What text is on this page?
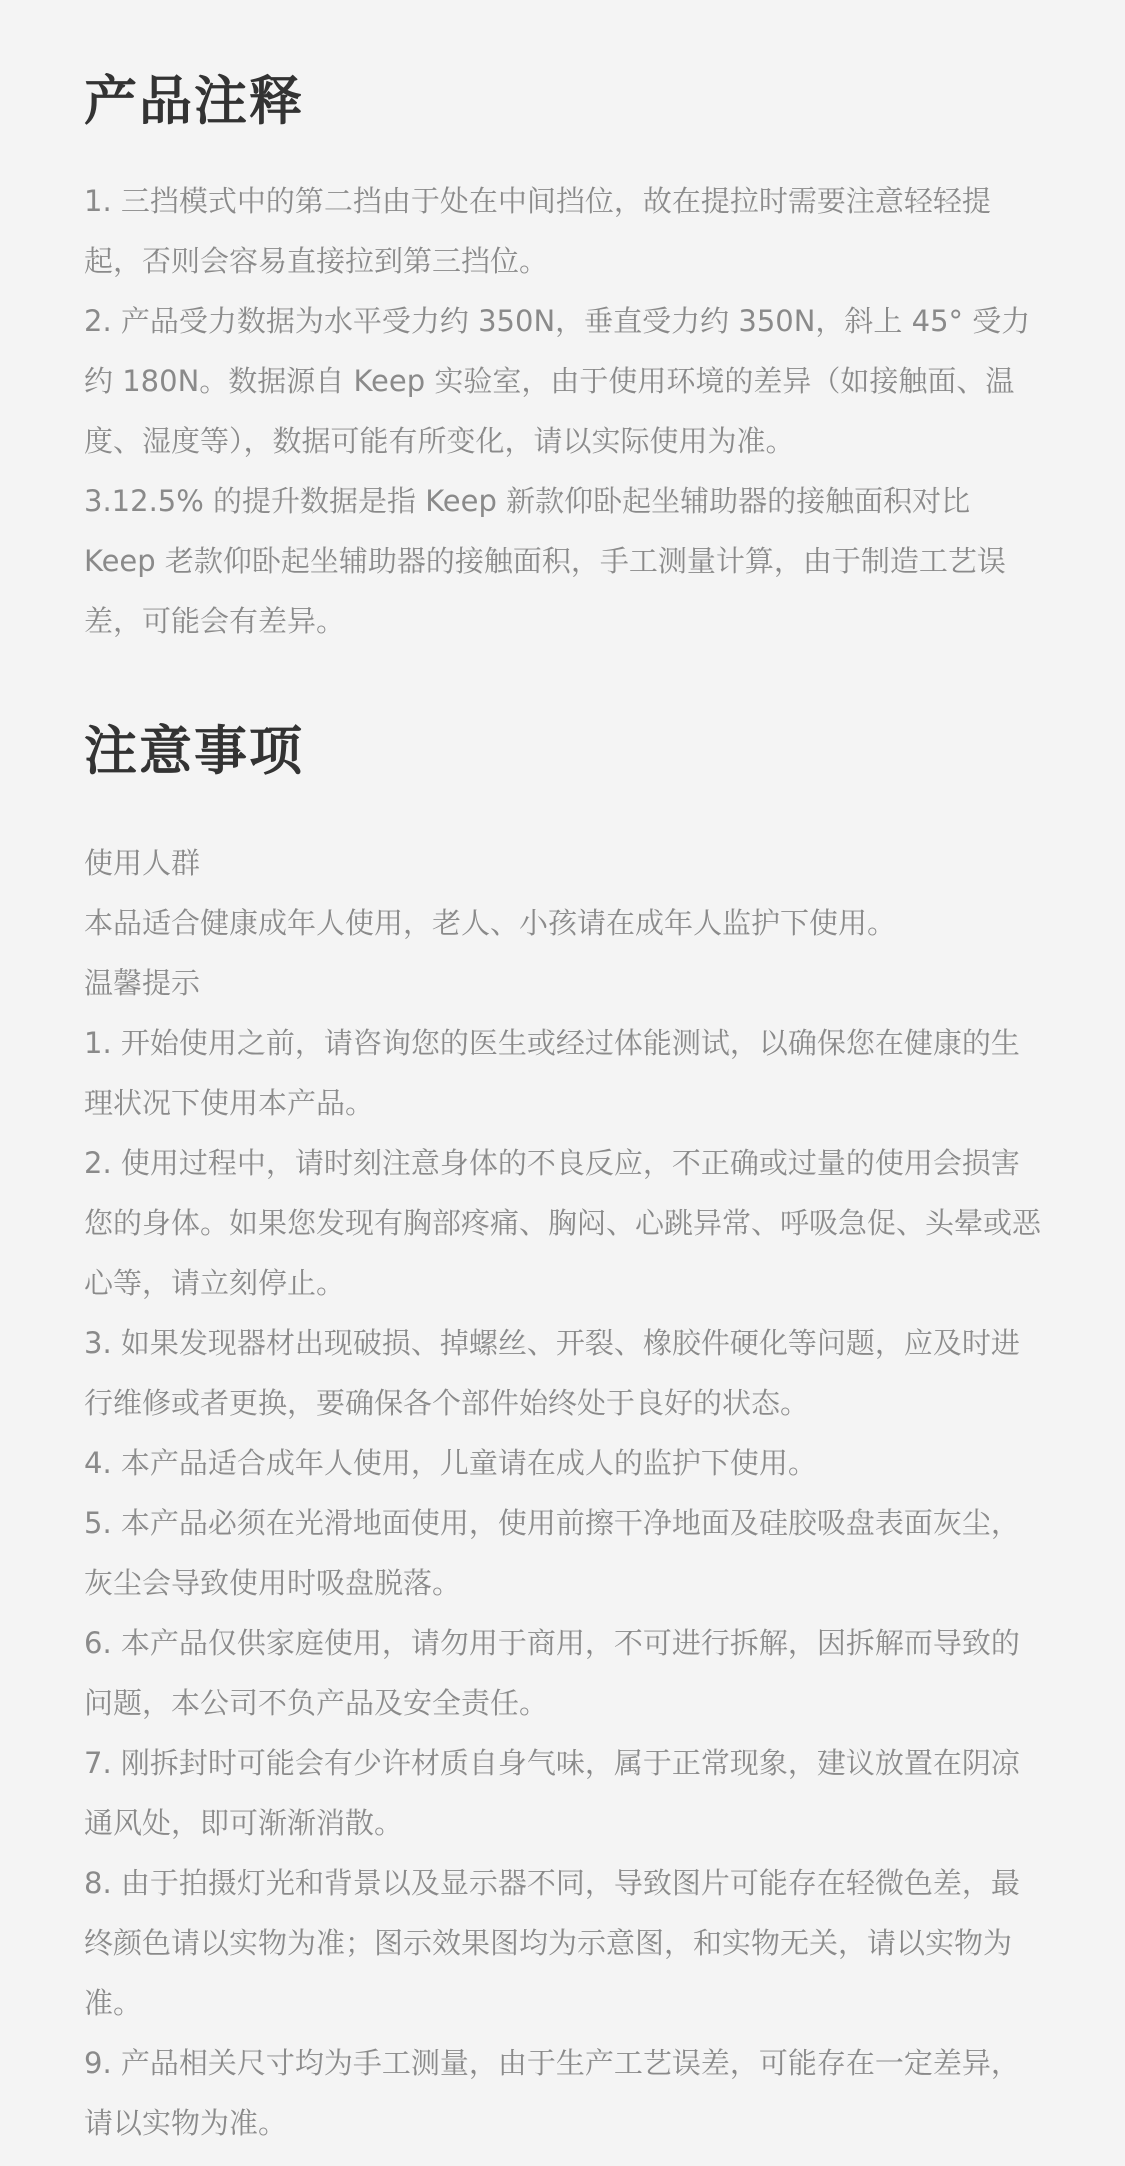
产品注释

1. 三挡模式中的第二挡由于处在中间挡位，故在提拉时需要注意轻轻提起，否则会容易直接拉到第三挡位。

2. 产品受力数据为水平受力约 350N，垂直受力约 350N，斜上 45° 受力约 180N。数据源自 Keep 实验室，由于使用环境的差异（如接触面、温度、湿度等），数据可能有所变化，请以实际使用为准。

3.12.5% 的提升数据是指 Keep 新款仰卧起坐辅助器的接触面积对比 Keep 老款仰卧起坐辅助器的接触面积，手工测量计算，由于制造工艺误差，可能会有差异。

注意事项

使用人群

本品适合健康成年人使用，老人、小孩请在成年人监护下使用。

温馨提示

1. 开始使用之前，请咨询您的医生或经过体能测试，以确保您在健康的生理状况下使用本产品。

2. 使用过程中，请时刻注意身体的不良反应，不正确或过量的使用会损害您的身体。如果您发现有胸部疼痛、胸闷、心跳异常、呼吸急促、头晕或恶心等，请立刻停止。

3. 如果发现器材出现破损、掉螺丝、开裂、橡胶件硬化等问题，应及时进行维修或者更换，要确保各个部件始终处于良好的状态。

4. 本产品适合成年人使用，儿童请在成人的监护下使用。

5. 本产品必须在光滑地面使用，使用前擦干净地面及硅胶吸盘表面灰尘，灰尘会导致使用时吸盘脱落。

6. 本产品仅供家庭使用，请勿用于商用，不可进行拆解，因拆解而导致的问题，本公司不负产品及安全责任。

7. 刚拆封时可能会有少许材质自身气味，属于正常现象，建议放置在阴凉通风处，即可渐渐消散。

8. 由于拍摄灯光和背景以及显示器不同，导致图片可能存在轻微色差，最终颜色请以实物为准；图示效果图均为示意图，和实物无关，请以实物为准。

9. 产品相关尺寸均为手工测量，由于生产工艺误差，可能存在一定差异，请以实物为准。
